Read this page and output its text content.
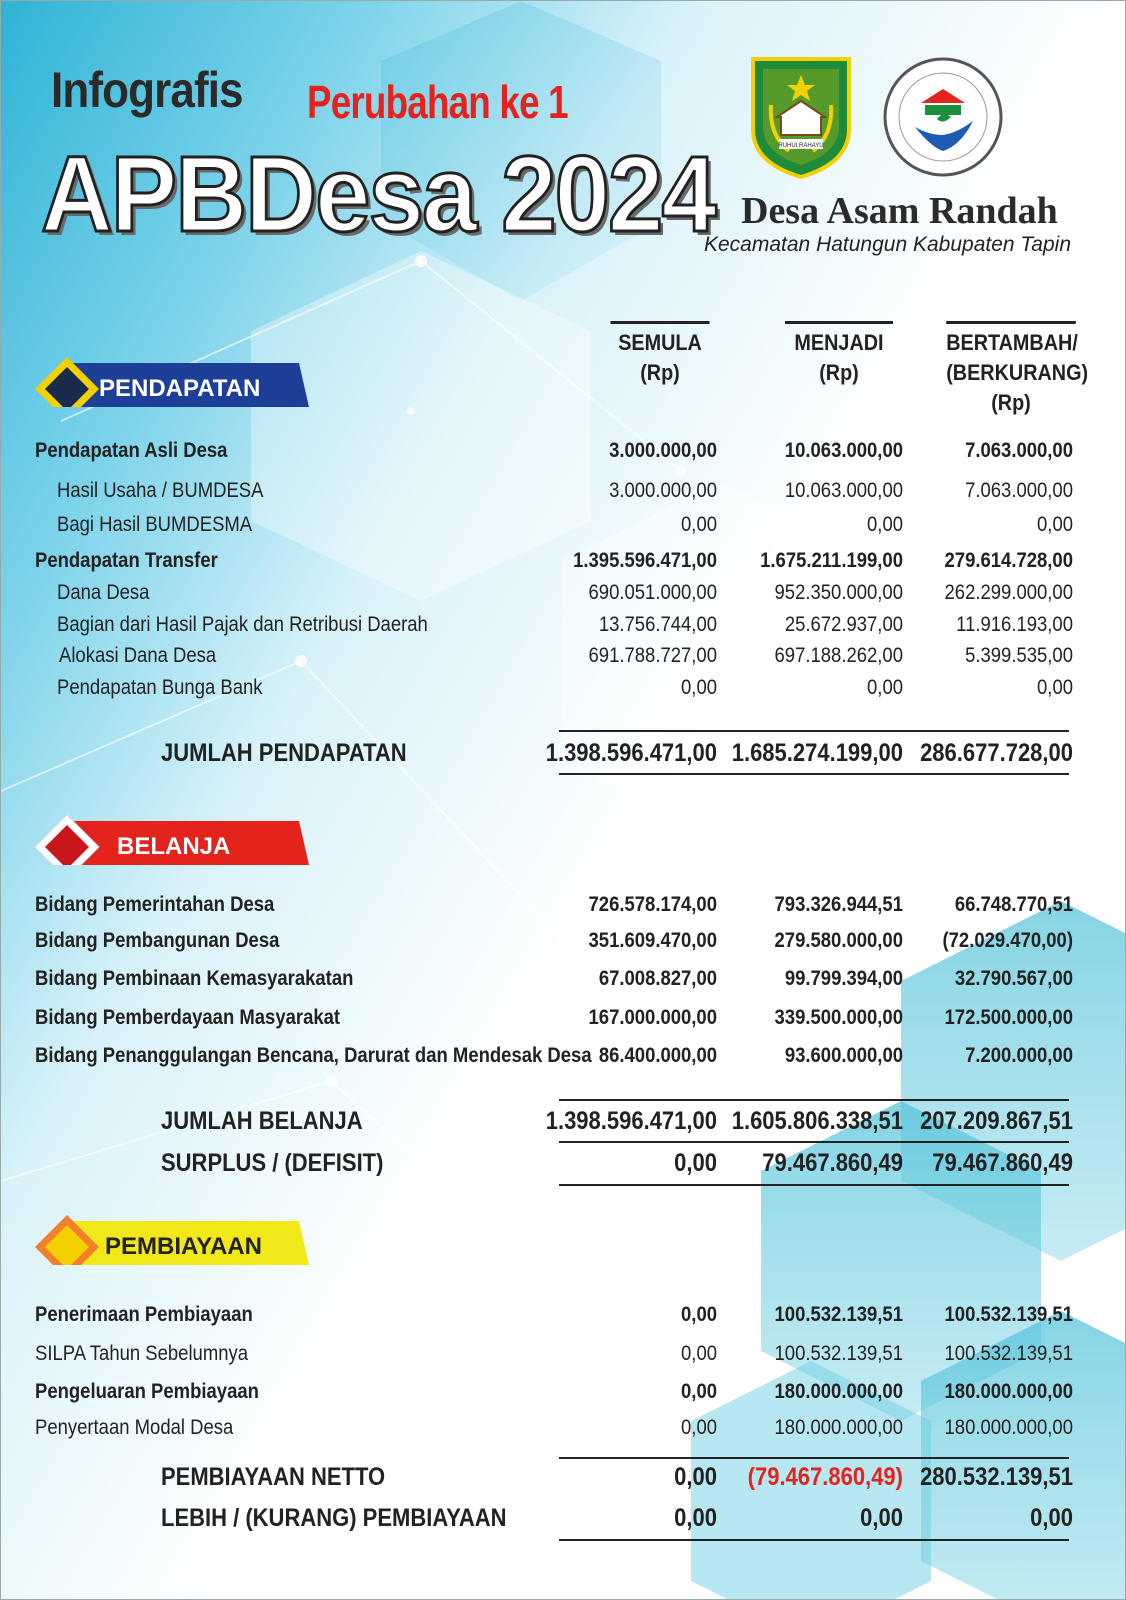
Infografis Perubahan ke 1
APBDesa 2024	RUHUI RAHAYU
Desa Asam Randah
Kecamatan Hatungun Kabupaten Tapin
SEMULA
(Rp)
MENJADI
(Rp)
BERTAMBAH/
(BERKURANG)
(Rp)
PENDAPATAN
BELANJA
PEMBIAYAAN
Pendapatan Asli Desa	3.000.000,00	10.063.000,00	7.063.000,00
Hasil Usaha / BUMDESA	3.000.000,00	10.063.000,00	7.063.000,00
Bagi Hasil BUMDESMA	0,00	0,00	0,00
Pendapatan Transfer	1.395.596.471,00	1.675.211.199,00	279.614.728,00
Dana Desa	690.051.000,00	952.350.000,00	262.299.000,00
Bagian dari Hasil Pajak dan Retribusi Daerah	13.756.744,00	25.672.937,00	11.916.193,00
Alokasi Dana Desa	691.788.727,00	697.188.262,00	5.399.535,00
Pendapatan Bunga Bank	0,00	0,00	0,00
JUMLAH PENDAPATAN	1.398.596.471,00 1.685.274.199,00 286.677.728,00
Bidang Pemerintahan Desa	726.578.174,00	793.326.944,51	66.748.770,51
Bidang Pembangunan Desa	351.609.470,00	279.580.000,00	(72.029.470,00)
Bidang Pembinaan Kemasyarakatan	67.008.827,00	99.799.394,00	32.790.567,00
Bidang Pemberdayaan Masyarakat	167.000.000,00	339.500.000,00	172.500.000,00
Bidang Penanggulangan Bencana, Darurat dan Mendesak Desa 86.400.000,00	93.600.000,00	7.200.000,00
JUMLAH BELANJA	1.398.596.471,00 1.605.806.338,51 207.209.867,51
SURPLUS / (DEFISIT)	0,00	79.467.860,49	79.467.860,49
Penerimaan Pembiayaan	0,00	100.532.139,51	100.532.139,51
SILPA Tahun Sebelumnya	0,00	100.532.139,51	100.532.139,51
Pengeluaran Pembiayaan	0,00	180.000.000,00	180.000.000,00
Penyertaan Modal Desa	0,00	180.000.000,00	180.000.000,00
PEMBIAYAAN NETTO	0,00	(79.467.860,49) 280.532.139,51
LEBIH / (KURANG) PEMBIAYAAN	0,00	0,00	0,00
